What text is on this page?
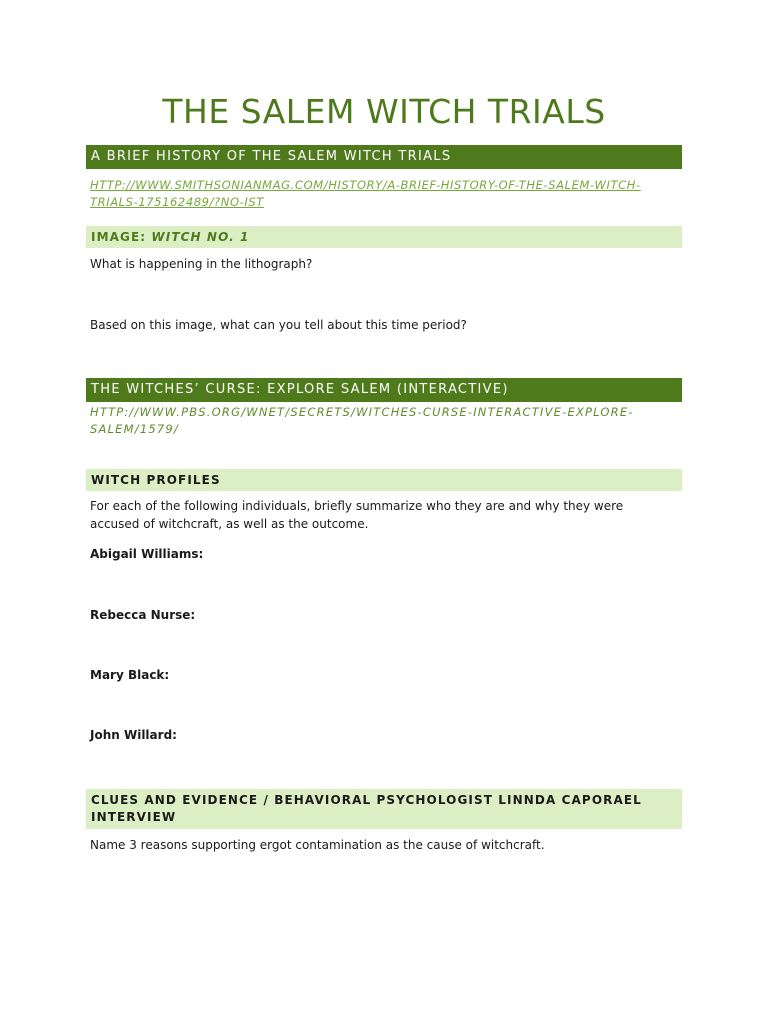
THE SALEM WITCH TRIALS
A BRIEF HISTORY OF THE SALEM WITCH TRIALS
HTTP://WWW.SMITHSONIANMAG.COM/HISTORY/A-BRIEF-HISTORY-OF-THE-SALEM-WITCH-TRIALS-175162489/?NO-IST
IMAGE: WITCH NO. 1
What is happening in the lithograph?
Based on this image, what can you tell about this time period?
THE WITCHES’ CURSE: EXPLORE SALEM (INTERACTIVE)
HTTP://WWW.PBS.ORG/WNET/SECRETS/WITCHES-CURSE-INTERACTIVE-EXPLORE-SALEM/1579/
WITCH PROFILES
For each of the following individuals, briefly summarize who they are and why they were accused of witchcraft, as well as the outcome.
Abigail Williams:
Rebecca Nurse:
Mary Black:
John Willard:
CLUES AND EVIDENCE / BEHAVIORAL PSYCHOLOGIST LINNDA CAPORAEL INTERVIEW
Name 3 reasons supporting ergot contamination as the cause of witchcraft.
